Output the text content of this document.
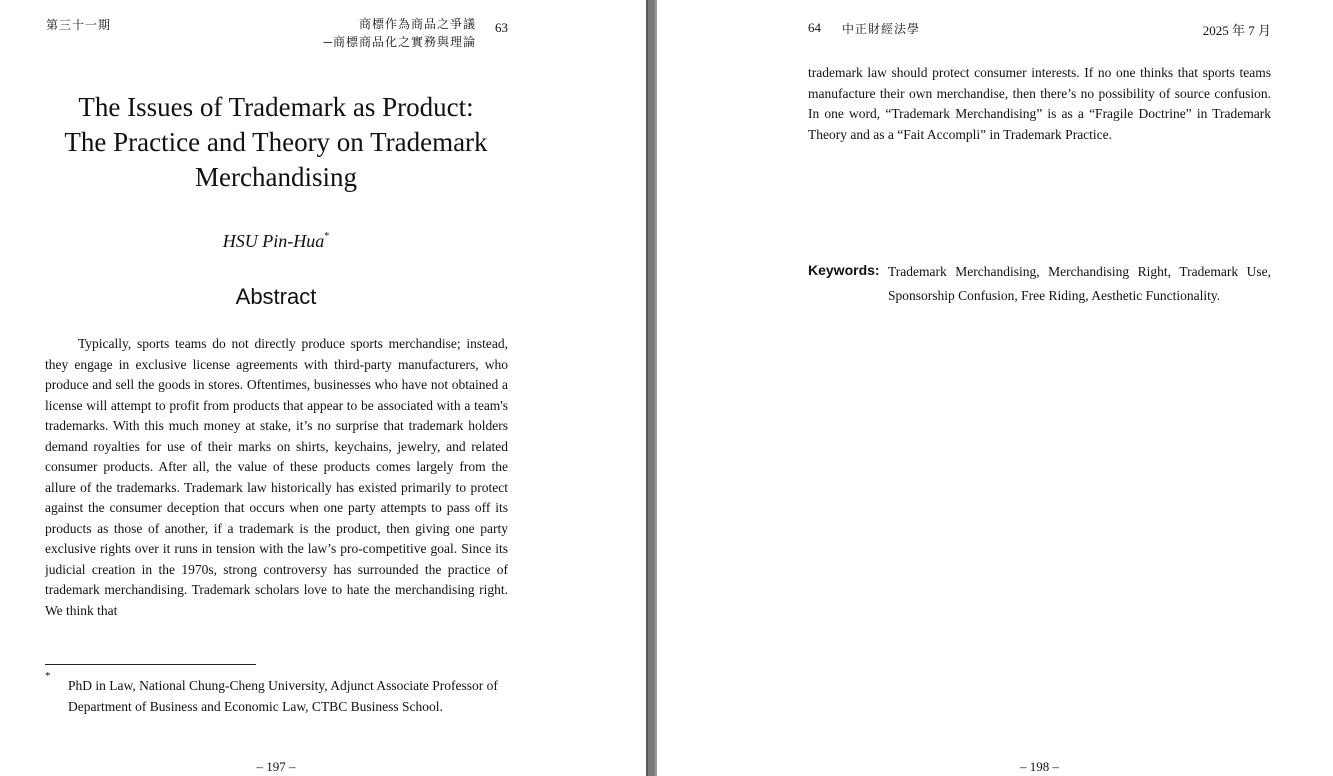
第三十一期	商標作為商品之爭議
─商標商品化之實務與理論
63
The Issues of Trademark as Product:
The Practice and Theory on Trademark
Merchandising
HSU Pin-Hua*
Abstract

Typically, sports teams do not directly produce sports merchandise; instead, they engage in exclusive license agreements with third-party manufacturers, who produce and sell the goods in stores. Oftentimes, businesses who have not obtained a license will attempt to profit from products that appear to be associated with a team's trademarks. With this much money at stake, it’s no surprise that trademark holders demand royalties for use of their marks on shirts, keychains, jewelry, and related consumer products. After all, the value of these products comes largely from the allure of the trademarks. Trademark law historically has existed primarily to protect against the consumer deception that occurs when one party attempts to pass off its products as those of another, if a trademark is the product, then giving one party exclusive rights over it runs in tension with the law’s pro-competitive goal. Since its judicial creation in the 1970s, strong controversy has surrounded the practice of trademark merchandising. Trademark scholars love to hate the merchandising right. We think that

*

PhD in Law, National Chung-Cheng University, Adjunct Associate Professor of Department of Business and Economic Law, CTBC Business School.

– 197 –
64 中正財經法學	2025 年 7 月

trademark law should protect consumer interests. If no one thinks that sports teams manufacture their own merchandise, then there’s no possibility of source confusion. In one word, “Trademark Merchandising” is as a “Fragile Doctrine” in Trademark Theory and as a “Fait Accompli” in Trademark Practice.

Keywords: Trademark Merchandising, Merchandising Right, Trademark Use, Sponsorship Confusion, Free Riding, Aesthetic Functionality.

– 198 –
